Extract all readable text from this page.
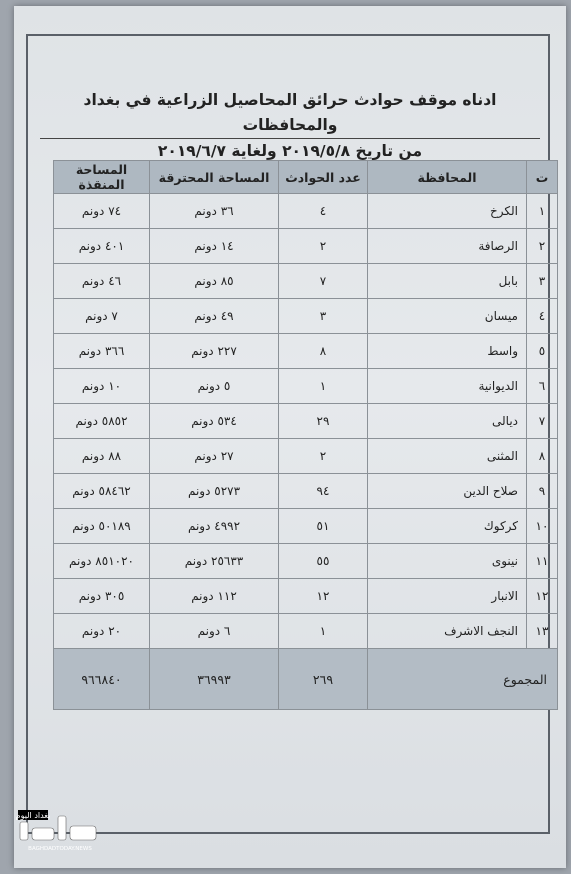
ادناه موقف حوادث حرائق المحاصيل الزراعية في بغداد والمحافظات
من تاريخ ٢٠١٩/٥/٨ ولغاية ٢٠١٩/٦/٧
ت	المحافظة	عدد الحوادث	المساحة المحترقة	المساحة المنقذة
١	الكرخ	٤	٣٦ دونم	٧٤ دونم
٢	الرصافة	٢	١٤ دونم	٤٠١ دونم
٣	بابل	٧	٨٥ دونم	٤٦ دونم
٤	ميسان	٣	٤٩ دونم	٧ دونم
٥	واسط	٨	٢٢٧ دونم	٣٦٦ دونم
٦	الديوانية	١	٥ دونم	١٠ دونم
٧	ديالى	٢٩	٥٣٤ دونم	٥٨٥٢ دونم
٨	المثنى	٢	٢٧ دونم	٨٨ دونم
٩	صلاح الدين	٩٤	٥٢٧٣ دونم	٥٨٤٦٢ دونم
١٠	كركوك	٥١	٤٩٩٢ دونم	٥٠١٨٩ دونم
١١	نينوى	٥٥	٢٥٦٣٣ دونم	٨٥١٠٢٠ دونم
١٢	الانبار	١٢	١١٢ دونم	٣٠٥ دونم
١٣	النجف الاشرف	١	٦ دونم	٢٠ دونم
المجموع		٢٦٩	٣٦٩٩٣	٩٦٦٨٤٠
بغداد اليوم
BAGHDADTODAY.NEWS
